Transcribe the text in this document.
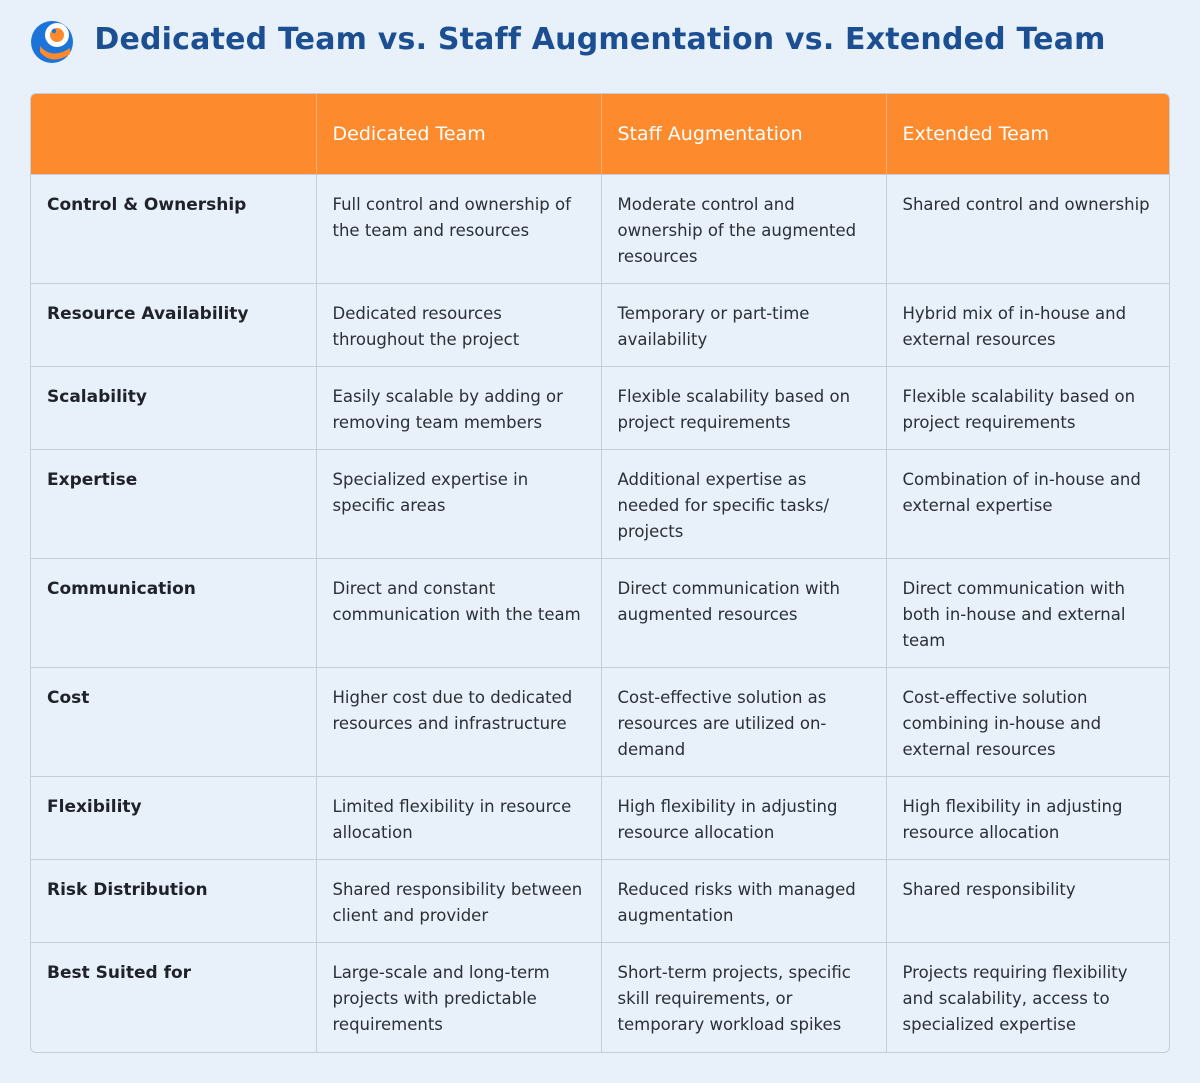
Dedicated Team vs. Staff Augmentation vs. Extended Team
	Dedicated Team	Staff Augmentation	Extended Team
Control & Ownership	Full control and ownership of the team and resources	Moderate control and ownership of the augmented resources	Shared control and ownership
Resource Availability	Dedicated resources throughout the project	Temporary or part-time availability	Hybrid mix of in-house and external resources
Scalability	Easily scalable by adding or removing team members	Flexible scalability based on project requirements	Flexible scalability based on project requirements
Expertise	Specialized expertise in specific areas	Additional expertise as needed for specific tasks/ projects	Combination of in-house and external expertise
Communication	Direct and constant communication with the team	Direct communication with augmented resources	Direct communication with both in-house and external team
Cost	Higher cost due to dedicated resources and infrastructure	Cost-effective solution as resources are utilized on-demand	Cost-effective solution combining in-house and external resources
Flexibility	Limited flexibility in resource allocation	High flexibility in adjusting resource allocation	High flexibility in adjusting resource allocation
Risk Distribution	Shared responsibility between client and provider	Reduced risks with managed augmentation	Shared responsibility
Best Suited for	Large-scale and long-term projects with predictable requirements	Short-term projects, specific skill requirements, or temporary workload spikes	Projects requiring flexibility and scalability, access to specialized expertise
